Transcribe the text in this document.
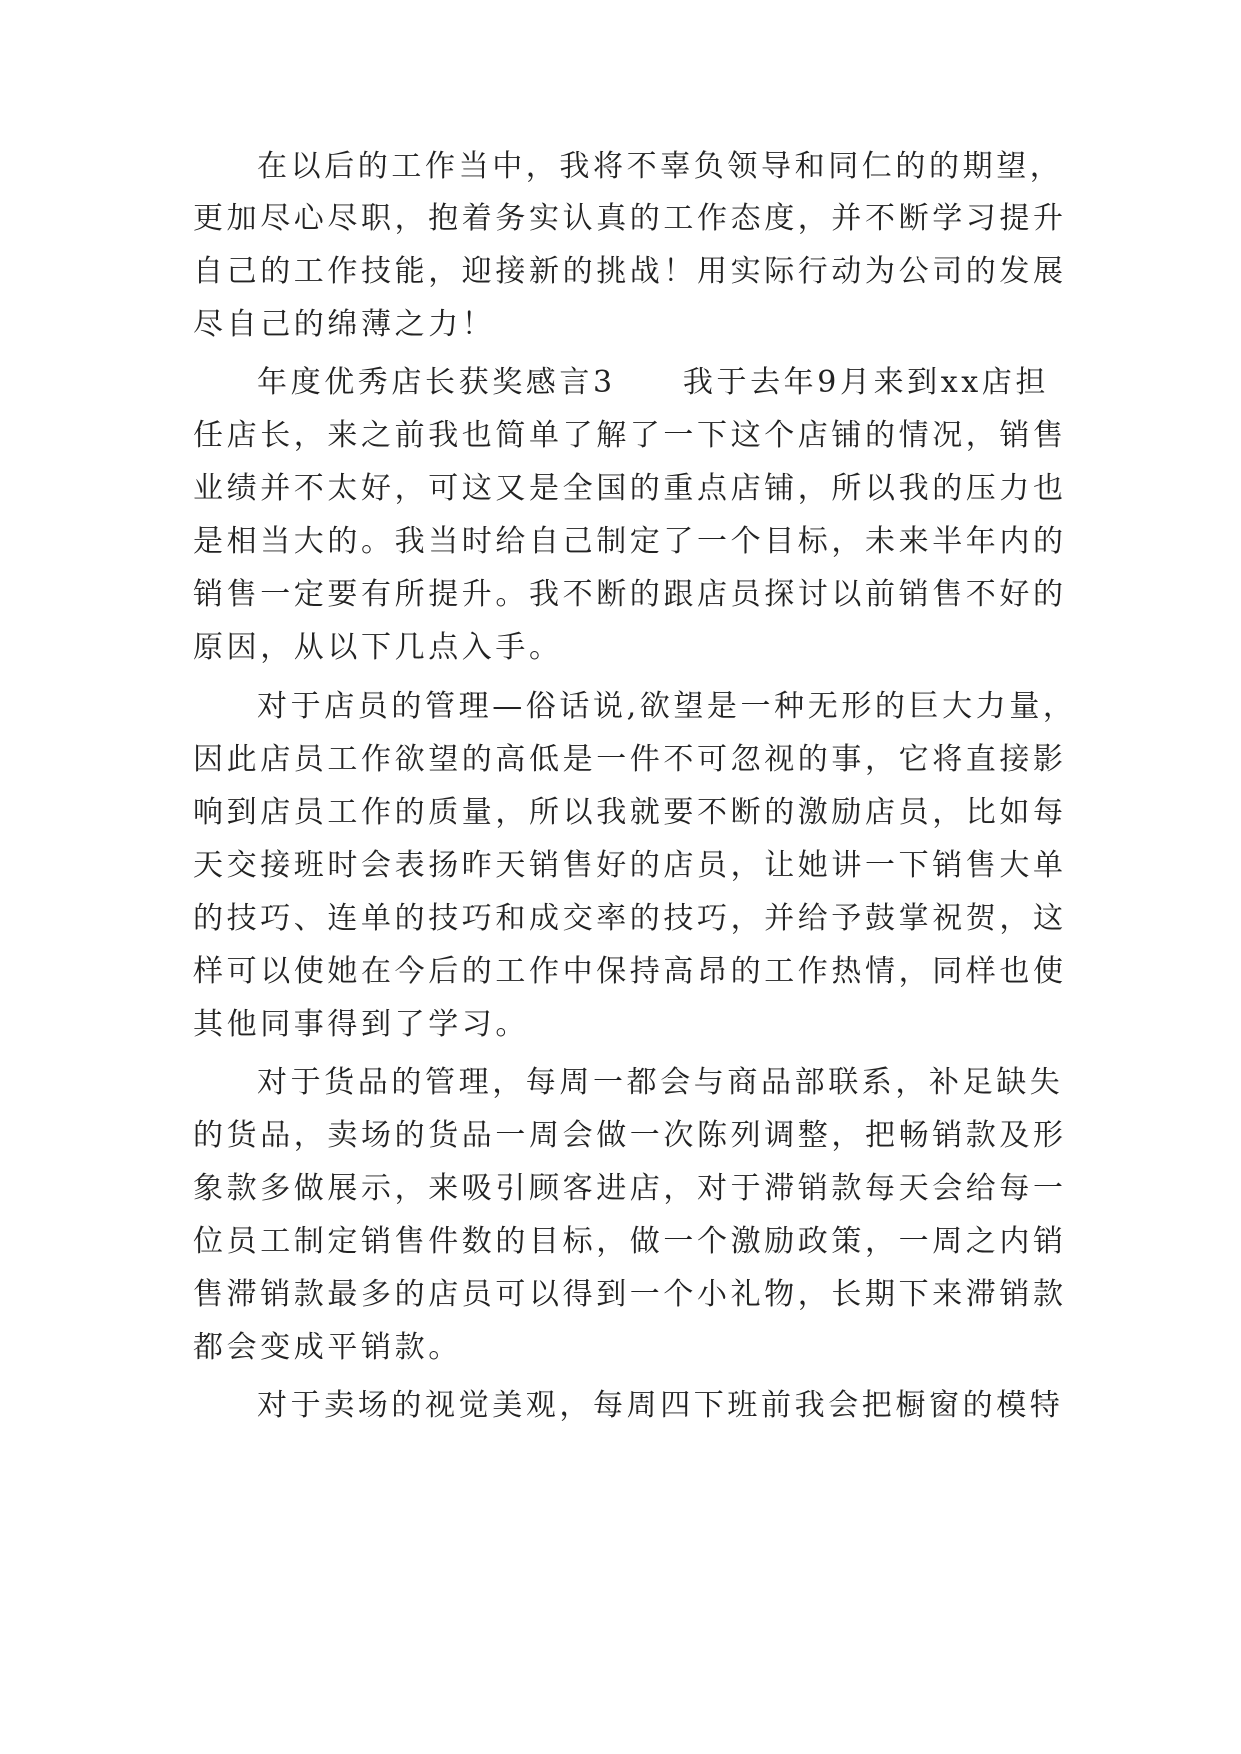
在以后的工作当中，我将不辜负领导和同仁的的期望，

更加尽心尽职，抱着务实认真的工作态度，并不断学习提升

自己的工作技能，迎接新的挑战！用实际行动为公司的发展

尽自己的绵薄之力！

年度优秀店长获奖感言3　　我于去年9月来到xx店担

任店长，来之前我也简单了解了一下这个店铺的情况，销售

业绩并不太好，可这又是全国的重点店铺，所以我的压力也

是相当大的。我当时给自己制定了一个目标，未来半年内的

销售一定要有所提升。我不断的跟店员探讨以前销售不好的

原因，从以下几点入手。

对于店员的管理—俗话说,欲望是一种无形的巨大力量，

因此店员工作欲望的高低是一件不可忽视的事，它将直接影

响到店员工作的质量，所以我就要不断的激励店员，比如每

天交接班时会表扬昨天销售好的店员，让她讲一下销售大单

的技巧、连单的技巧和成交率的技巧，并给予鼓掌祝贺，这

样可以使她在今后的工作中保持高昂的工作热情，同样也使

其他同事得到了学习。

对于货品的管理，每周一都会与商品部联系，补足缺失

的货品，卖场的货品一周会做一次陈列调整，把畅销款及形

象款多做展示，来吸引顾客进店，对于滞销款每天会给每一

位员工制定销售件数的目标，做一个激励政策，一周之内销

售滞销款最多的店员可以得到一个小礼物，长期下来滞销款

都会变成平销款。

对于卖场的视觉美观，每周四下班前我会把橱窗的模特
